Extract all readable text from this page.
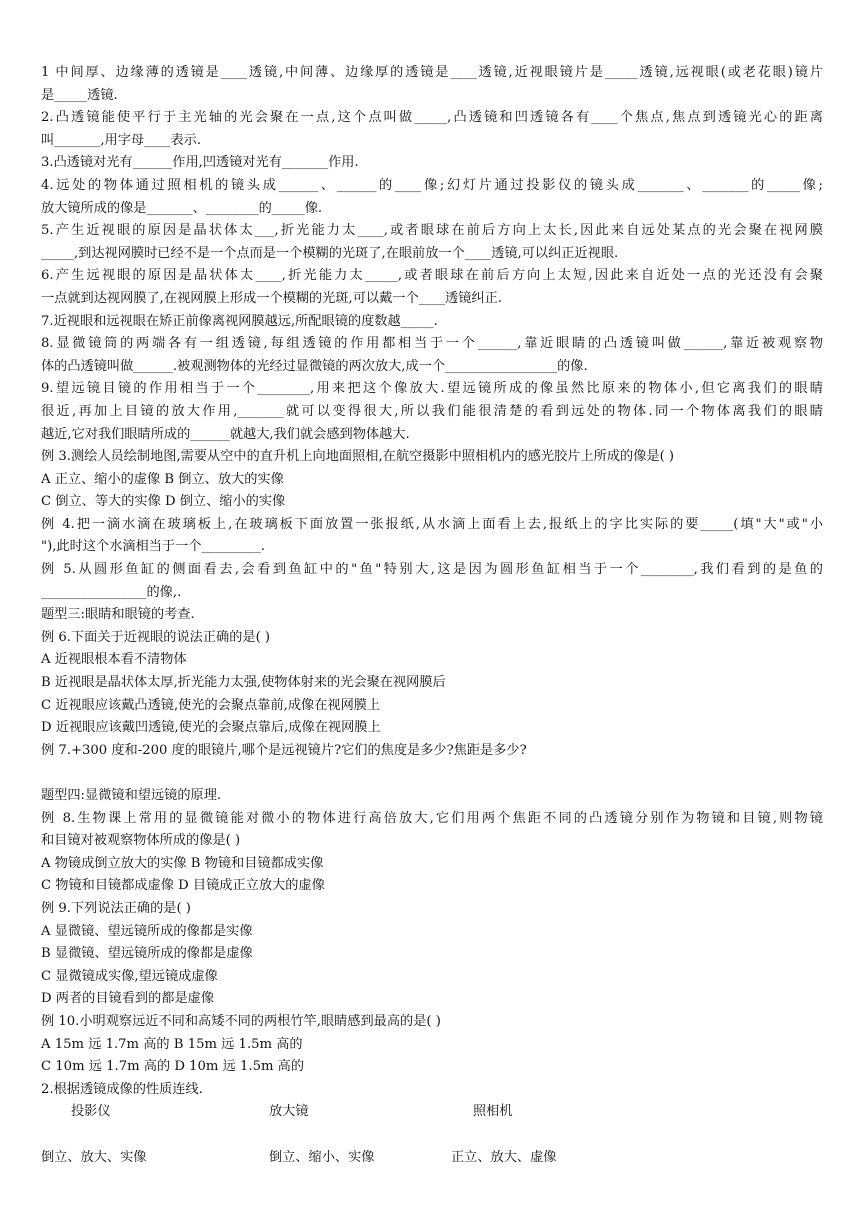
1 中间厚、边缘薄的透镜是____透镜,中间薄、边缘厚的透镜是____透镜,近视眼镜片是_____透镜,远视眼(或老花眼)镜片
是_____透镜.
2.凸透镜能使平行于主光轴的光会聚在一点,这个点叫做_____,凸透镜和凹透镜各有____个焦点,焦点到透镜光心的距离
叫_______,用字母____表示.
3.凸透镜对光有______作用,凹透镜对光有_______作用.
4.远处的物体通过照相机的镜头成______、______的____像;幻灯片通过投影仪的镜头成_______、_______的_____像;
放大镜所成的像是_______、________的_____像.
5.产生近视眼的原因是晶状体太___,折光能力太____,或者眼球在前后方向上太长,因此来自远处某点的光会聚在视网膜
_____,到达视网膜时已经不是一个点而是一个模糊的光斑了,在眼前放一个____透镜,可以纠正近视眼.
6.产生远视眼的原因是晶状体太____,折光能力太_____,或者眼球在前后方向上太短,因此来自近处一点的光还没有会聚
一点就到达视网膜了,在视网膜上形成一个模糊的光斑,可以戴一个____透镜纠正.
7.近视眼和远视眼在矫正前像离视网膜越远,所配眼镜的度数越_____.
8.显微镜筒的两端各有一组透镜,每组透镜的作用都相当于一个______,靠近眼睛的凸透镜叫做______,靠近被观察物
体的凸透镜叫做______.被观测物体的光经过显微镜的两次放大,成一个_________________的像.
9.望远镜目镜的作用相当于一个________,用来把这个像放大.望远镜所成的像虽然比原来的物体小,但它离我们的眼睛
很近,再加上目镜的放大作用,_______就可以变得很大,所以我们能很清楚的看到远处的物体.同一个物体离我们的眼睛
越近,它对我们眼睛所成的______就越大,我们就会感到物体越大.
例 3.测绘人员绘制地图,需要从空中的直升机上向地面照相,在航空摄影中照相机内的感光胶片上所成的像是( )
A 正立、缩小的虚像 B 倒立、放大的实像
C 倒立、等大的实像 D 倒立、缩小的实像
例 4.把一滴水滴在玻璃板上,在玻璃板下面放置一张报纸,从水滴上面看上去,报纸上的字比实际的要_____(填"大"或"小
"),此时这个水滴相当于一个_________.
例 5.从圆形鱼缸的侧面看去,会看到鱼缸中的"鱼"特别大,这是因为圆形鱼缸相当于一个________,我们看到的是鱼的
________________的像,.
题型三:眼睛和眼镜的考查.
例 6.下面关于近视眼的说法正确的是( )
A 近视眼根本看不清物体
B 近视眼是晶状体太厚,折光能力太强,使物体射来的光会聚在视网膜后
C 近视眼应该戴凸透镜,使光的会聚点靠前,成像在视网膜上
D 近视眼应该戴凹透镜,使光的会聚点靠后,成像在视网膜上
例 7.+300 度和-200 度的眼镜片,哪个是远视镜片?它们的焦度是多少?焦距是多少?
题型四:显微镜和望远镜的原理.
例 8.生物课上常用的显微镜能对微小的物体进行高倍放大,它们用两个焦距不同的凸透镜分别作为物镜和目镜,则物镜
和目镜对被观察物体所成的像是( )
A 物镜成倒立放大的实像 B 物镜和目镜都成实像
C 物镜和目镜都成虚像 D 目镜成正立放大的虚像
例 9.下列说法正确的是( )
A 显微镜、望远镜所成的像都是实像
B 显微镜、望远镜所成的像都是虚像
C 显微镜成实像,望远镜成虚像
D 两者的目镜看到的都是虚像
例 10.小明观察远近不同和高矮不同的两根竹竿,眼睛感到最高的是( )
A 15m 远 1.7m 高的 B 15m 远 1.5m 高的
C 10m 远 1.7m 高的 D 10m 远 1.5m 高的
2.根据透镜成像的性质连线.
投影仪	放大镜	照相机
倒立、放大、实像	倒立、缩小、实像	正立、放大、虚像
